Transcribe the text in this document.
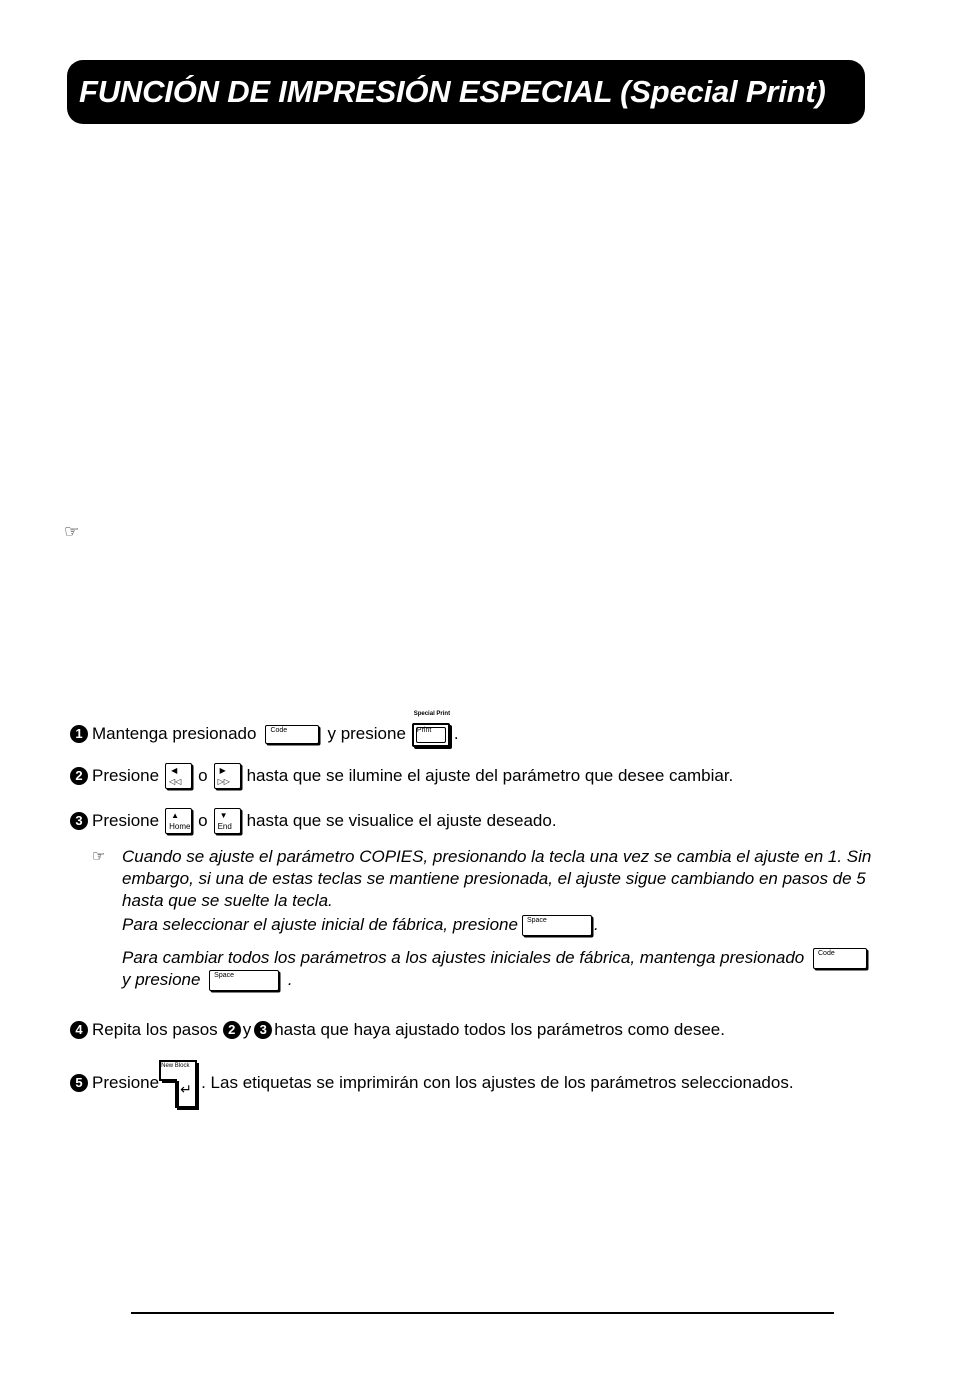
FUNCIÓN DE IMPRESIÓN ESPECIAL (Special Print)
☞
1 Mantenga presionado Code y presione
Special Print
Print .
2 Presione ◀
◁◁ o ▶
▷▷ hasta que se ilumine el ajuste del parámetro que desee cambiar.
3 Presione ▲
Home o ▼
End hasta que se visualice el ajuste deseado.
☞ Cuando se ajuste el parámetro COPIES, presionando la tecla una vez se cambia el ajuste en 1. Sin embargo, si una de estas teclas se mantiene presionada, el ajuste sigue cambiando en pasos de 5 hasta que se suelte la tecla.
Para seleccionar el ajuste inicial de fábrica, presione Space	.
Para cambiar todos los parámetros a los ajustes iniciales de fábrica, mantenga presionado Code
y presione Space	.
4 Repita los pasos 2 y 3 hasta que haya ajustado todos los parámetros como desee.
5 Presione
New Block
↵ . Las etiquetas se imprimirán con los ajustes de los parámetros seleccionados.
